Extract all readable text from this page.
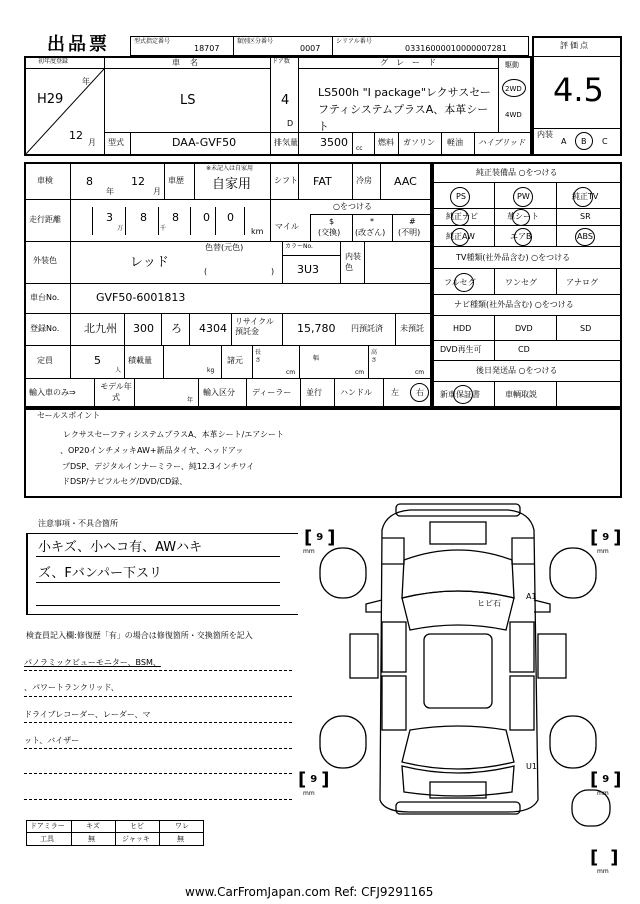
出品票	型式指定番号
18707
類別区分番号
0007
シリアル番号
03316000010000007281	評価点
4.5
内装
A B C
初年度登録
H29
年
12
月
車名
LS
ドア数
4
D
グレード
LS500h "I package"レクサスセーフティシステムプラスA、本革シート
駆動
2WD
4WD
型式	DAA-GVF50	排気量 3500 cc
燃料 ガソリン 軽油 ハイブリッド
車検	8
年
12
月
車歴
※未記入は自家用
自家用	シフト FAT	冷房 AAC
走行距離	3
万
8 8
千
0 0
km
マイル
○をつける
$
(交換)
*
(改ざん)
#
(不明)
外装色
色替(元色)
レッド
(	)
カラーNo.
3U3
内装色
車台No.	GVF50-6001813
登録No. 北九州 300 ろ 4304
リサイクル預託金	15,780 円預託済 未預託
定員	5
人
積載量
kg
諸元
長さ
cm
幅
cm
高さ
cm
輸入車のみ⇒
モデル年式	年
輸入区分 ディーラー 並行 ハンドル 左 右
純正装備品 ○をつける
PS	PW	純正TV
純正ナビ	革シート	SR
純正AW	エアB	ABS
TV種類(社外品含む) ○をつける
フルセグ	ワンセグ	アナログ
ナビ種類(社外品含む) ○をつける
HDD	DVD	SD
DVD再生可	CD
後日発送品 ○をつける
新車保証書	車輌取説
セールスポイント
レクサスセーフティシステムプラスA、本革シート/エアシート
、OP20インチメッキAW+新品タイヤ、ヘッドアッ
プDSP、デジタルインナーミラー、純12.3インチワイ
ドDSP/ナビフルセグ/DVD/CD録、
注意事項・不具合箇所
小キズ、小ヘコ有、AWハキ
ズ、Fバンパー下スリ
検査員記入欄:修復歴「有」の場合は修復箇所・交換箇所を記入
パノラミックビューモニター、BSM、
、パワートランクリッド、
ドライブレコーダー、レーダー、マ
ット、バイザー
ヒビ石
A1
U1
[ 9 ]
mm
[ 9 ]
mm
[ 9 ]
mm
[ 9 ]
mm
[ ]
mm
ドアミラー	キズ	ヒビ	ワレ
工具	無	ジャッキ	無
www.CarFromJapan.com Ref: CFJ9291165
